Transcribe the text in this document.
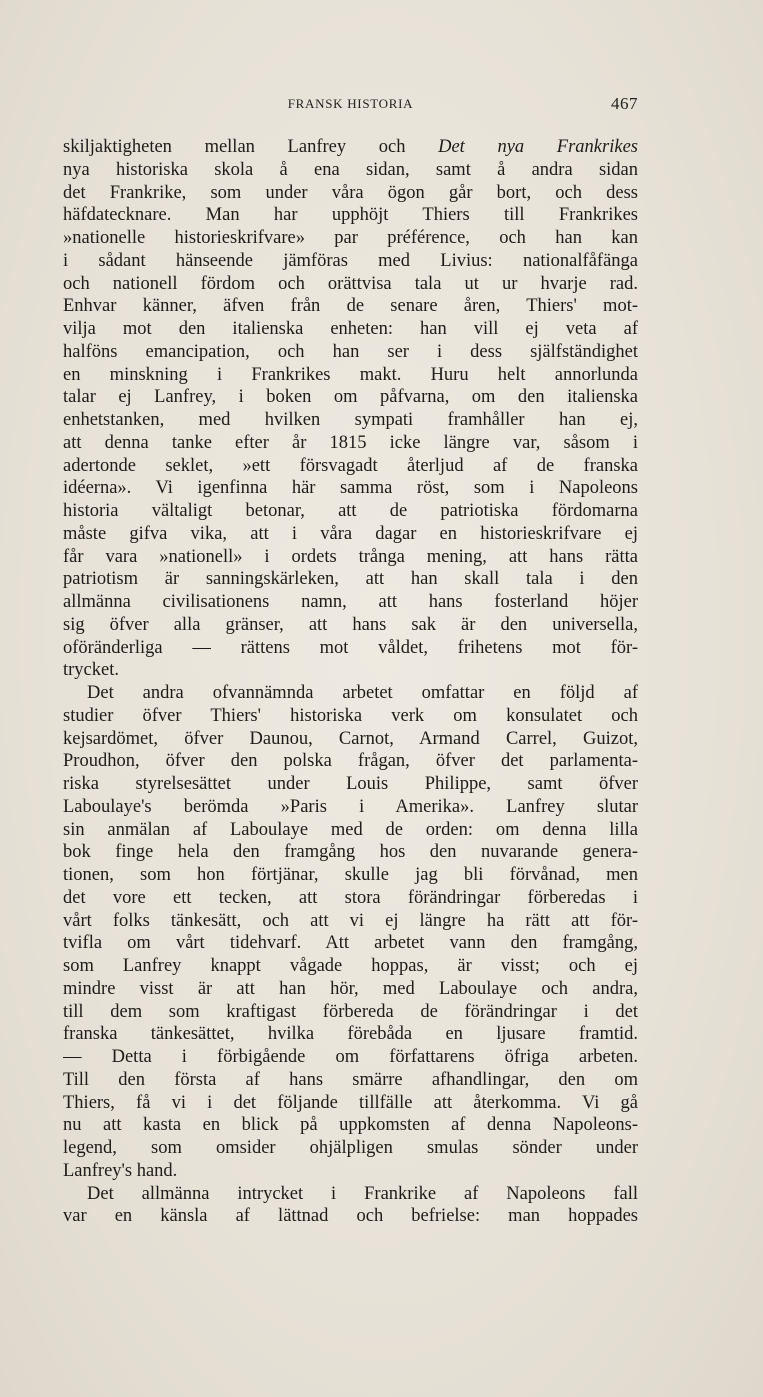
FRANSK HISTORIA	467
skiljaktigheten mellan Lanfrey och Det nya Frankrikes
nya historiska skola å ena sidan, samt å andra sidan
det Frankrike, som under våra ögon går bort, och dess
häfdatecknare. Man har upphöjt Thiers till Frankrikes
»nationelle historieskrifvare» par préférence, och han kan
i sådant hänseende jämföras med Livius: nationalfåfänga
och nationell fördom och orättvisa tala ut ur hvarje rad.
Enhvar känner, äfven från de senare åren, Thiers' mot-
vilja mot den italienska enheten: han vill ej veta af
halföns emancipation, och han ser i dess själfständighet
en minskning i Frankrikes makt. Huru helt annorlunda
talar ej Lanfrey, i boken om påfvarna, om den italienska
enhetstanken, med hvilken sympati framhåller han ej,
att denna tanke efter år 1815 icke längre var, såsom i
adertonde seklet, »ett försvagadt återljud af de franska
idéerna». Vi igenfinna här samma röst, som i Napoleons
historia vältaligt betonar, att de patriotiska fördomarna
måste gifva vika, att i våra dagar en historieskrifvare ej
får vara »nationell» i ordets trånga mening, att hans rätta
patriotism är sanningskärleken, att han skall tala i den
allmänna civilisationens namn, att hans fosterland höjer
sig öfver alla gränser, att hans sak är den universella,
oföränderliga — rättens mot våldet, frihetens mot för-
trycket.
Det andra ofvannämnda arbetet omfattar en följd af
studier öfver Thiers' historiska verk om konsulatet och
kejsardömet, öfver Daunou, Carnot, Armand Carrel, Guizot,
Proudhon, öfver den polska frågan, öfver det parlamenta-
riska styrelsesättet under Louis Philippe, samt öfver
Laboulaye's berömda »Paris i Amerika». Lanfrey slutar
sin anmälan af Laboulaye med de orden: om denna lilla
bok finge hela den framgång hos den nuvarande genera-
tionen, som hon förtjänar, skulle jag bli förvånad, men
det vore ett tecken, att stora förändringar förberedas i
vårt folks tänkesätt, och att vi ej längre ha rätt att för-
tvifla om vårt tidehvarf. Att arbetet vann den framgång,
som Lanfrey knappt vågade hoppas, är visst; och ej
mindre visst är att han hör, med Laboulaye och andra,
till dem som kraftigast förbereda de förändringar i det
franska tänkesättet, hvilka förebåda en ljusare framtid.
— Detta i förbigående om författarens öfriga arbeten.
Till den första af hans smärre afhandlingar, den om
Thiers, få vi i det följande tillfälle att återkomma. Vi gå
nu att kasta en blick på uppkomsten af denna Napoleons-
legend, som omsider ohjälpligen smulas sönder under
Lanfrey's hand.
Det allmänna intrycket i Frankrike af Napoleons fall
var en känsla af lättnad och befrielse: man hoppades
